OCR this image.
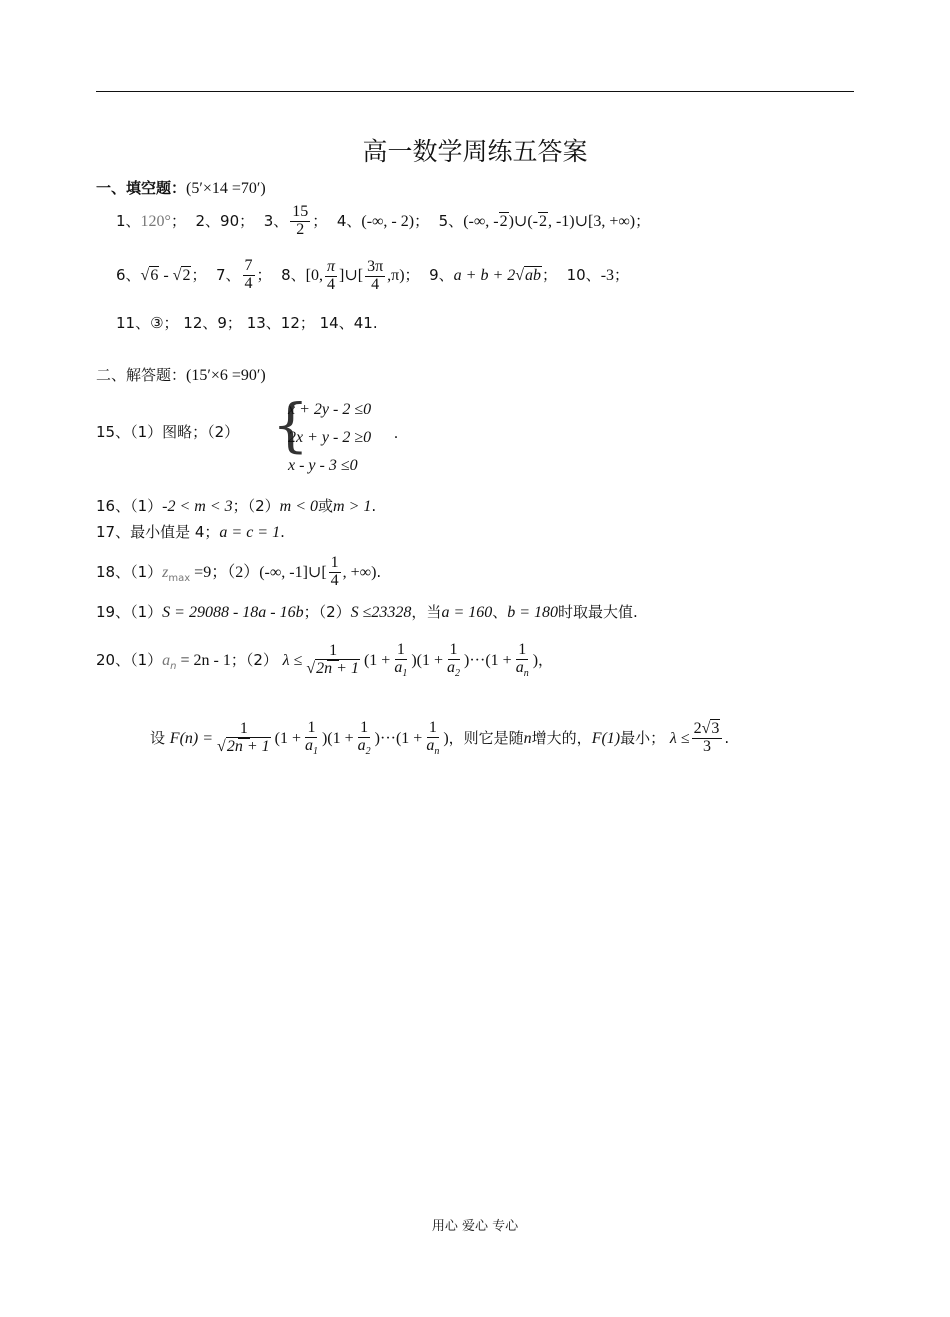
高一数学周练五答案
一、填空题：(5′×14 =70′)
1、120°； 2、90； 3、 $\frac{15}{2}$ ； 4、(-∞, - 2)； 5、(-∞, -2)∪(-2, -1)∪[3, +∞)；
6、√6 - √2； 7、 $\frac{7}{4}$ ； 8、[0, $\frac{\pi}{4}$ ]∪[ $\frac{3\pi}{4} ,\pi$)； 9、a + b + 2√ab； 10、-3；
11、③； 12、9； 13、12； 14、41.
二、解答题：(15′×6 =90′)
15、（1）图略；（2） {
x + 2y - 2 ≤0
2x + y - 2 ≥0
x - y - 3 ≤0
.
16、（1）-2 < m < 3；（2）m < 0或m > 1.
17、最小值是 4；a = c = 1.
18、$(1)z_{max} =9$；（2）(-∞, -1]∪[ $\frac{1}{4}$ , +∞).
19、（1）S = 29088 - 18a - 16b；（2）S ≤23328，当a = 160、b = 180时取最大值.
20、$(1)a_n = 2n - 1$；（2） $\lambda \le \frac{1}{√2n + 1} (1 + \frac{1}{a_1} )(1 + \frac{1}{a_2} )\cdot\cdot\cdot(1 + \frac{1}{a_n}$ )，
设 $F(n) = \frac{1}{√2n + 1} (1 + \frac{1}{a_1} )(1 + \frac{1}{a_2} )\cdot\cdot\cdot(1 + \frac{1}{a_n}$ )，则它是随n增大的，F(1)最小； $\lambda \le \frac{2√3}{3}$ .
用心 爱心 专心
